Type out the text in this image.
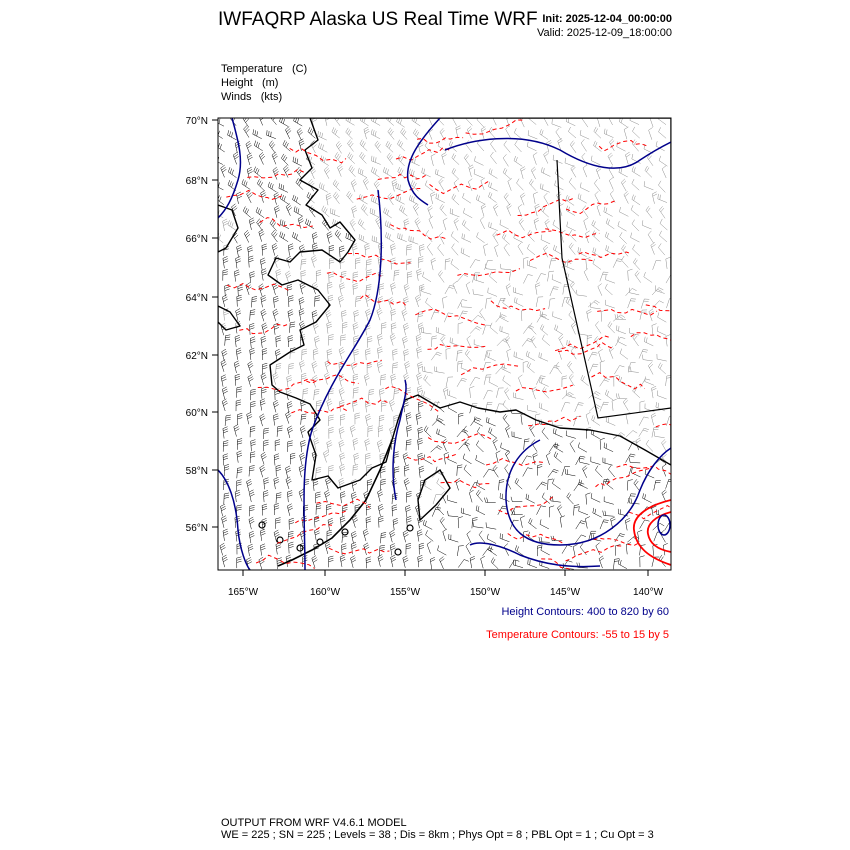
IWFAQRP Alaska US Real Time WRF Init: 2025-12-04_00:00:00
Valid: 2025-12-09_18:00:00
Temperature (C)
Height (m)
Winds (kts)
70°N
68°N
66°N
64°N
62°N
60°N
58°N
56°N
165°W	160°W	155°W	150°W	145°W	140°W
Height Contours: 400 to 820 by 60
Temperature Contours: -55 to 15 by 5
OUTPUT FROM WRF V4.6.1 MODEL
WE = 225 ; SN = 225 ; Levels = 38 ; Dis = 8km ; Phys Opt = 8 ; PBL Opt = 1 ; Cu Opt = 3
